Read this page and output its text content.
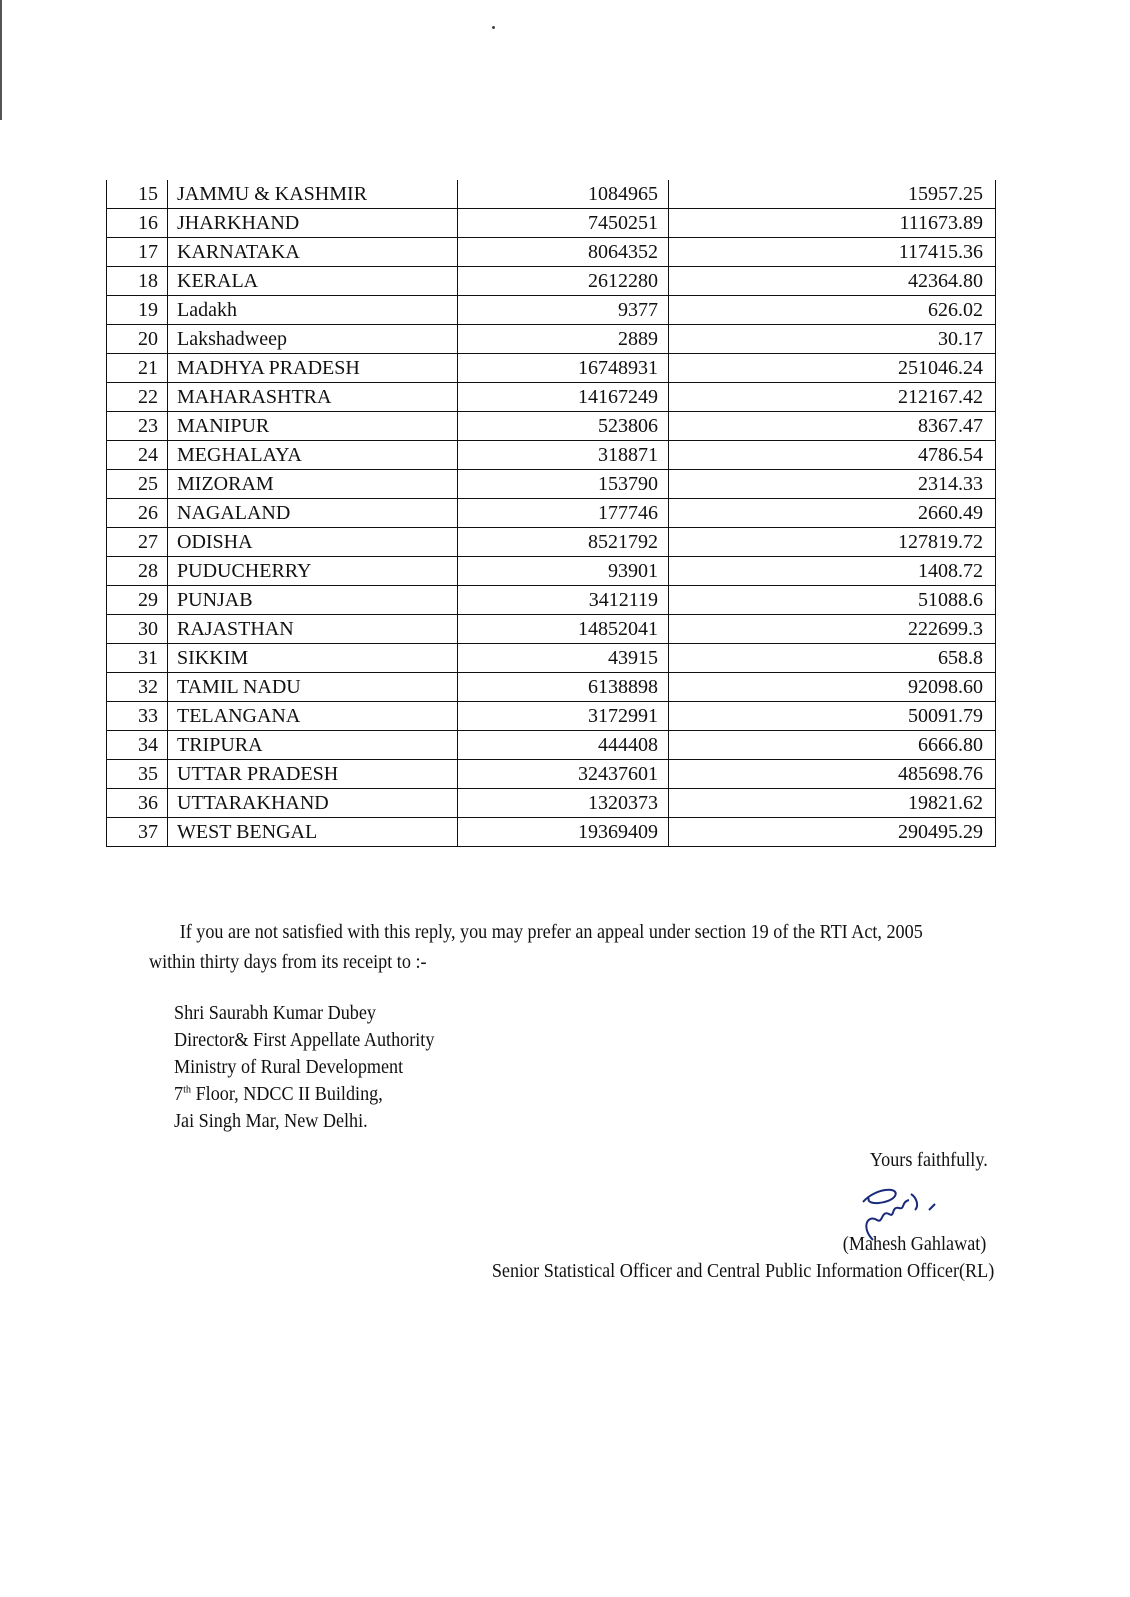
15	JAMMU & KASHMIR	1084965	15957.25
16	JHARKHAND	7450251	111673.89
17	KARNATAKA	8064352	117415.36
18	KERALA	2612280	42364.80
19	Ladakh	9377	626.02
20	Lakshadweep	2889	30.17
21	MADHYA PRADESH	16748931	251046.24
22	MAHARASHTRA	14167249	212167.42
23	MANIPUR	523806	8367.47
24	MEGHALAYA	318871	4786.54
25	MIZORAM	153790	2314.33
26	NAGALAND	177746	2660.49
27	ODISHA	8521792	127819.72
28	PUDUCHERRY	93901	1408.72
29	PUNJAB	3412119	51088.6
30	RAJASTHAN	14852041	222699.3
31	SIKKIM	43915	658.8
32	TAMIL NADU	6138898	92098.60
33	TELANGANA	3172991	50091.79
34	TRIPURA	444408	6666.80
35	UTTAR PRADESH	32437601	485698.76
36	UTTARAKHAND	1320373	19821.62
37	WEST BENGAL	19369409	290495.29
If you are not satisfied with this reply, you may prefer an appeal under section 19 of the RTI Act, 2005 within thirty days from its receipt to :-
Shri Saurabh Kumar Dubey
Director& First Appellate Authority
Ministry of Rural Development
7th Floor, NDCC II Building,
Jai Singh Mar, New Delhi.
Yours faithfully.
(Mahesh Gahlawat)
Senior Statistical Officer and Central Public Information Officer(RL)
